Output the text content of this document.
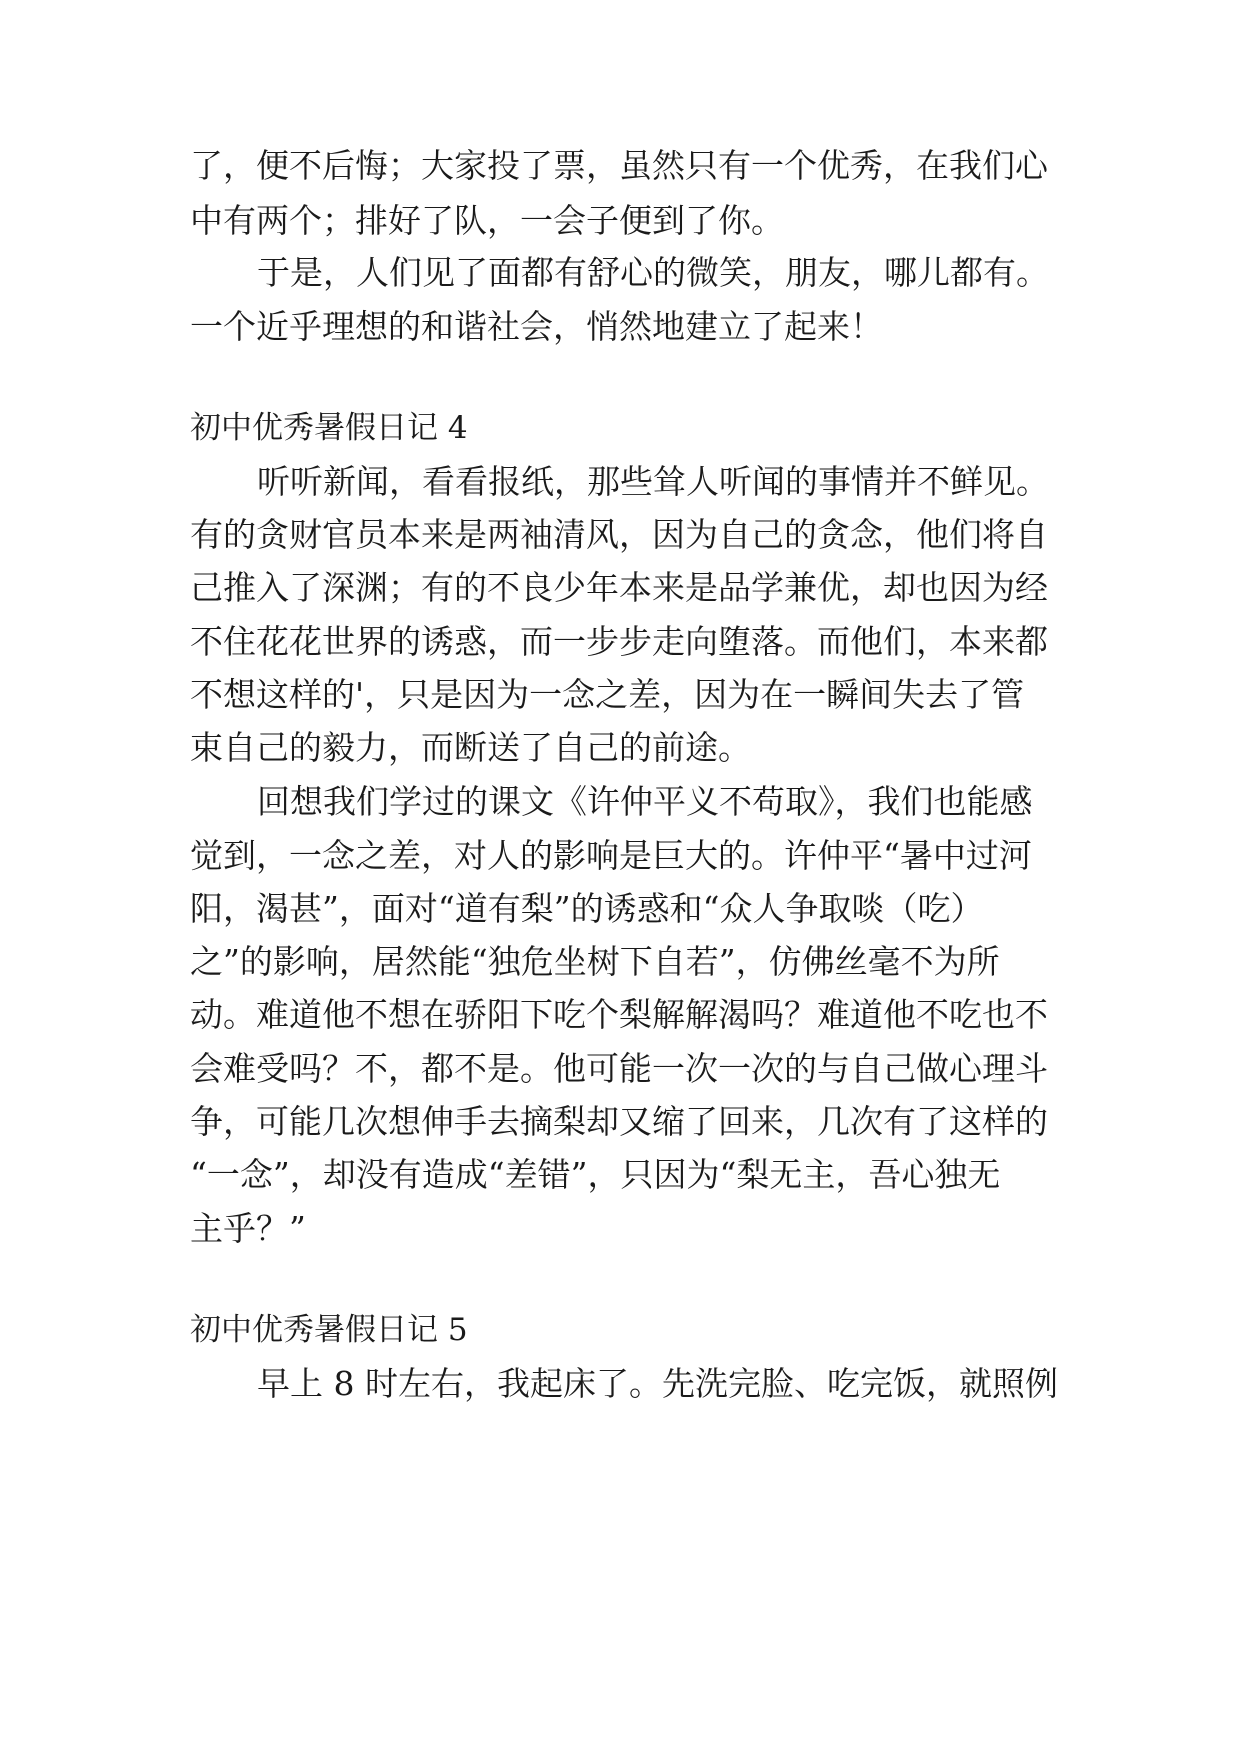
了，便不后悔；大家投了票，虽然只有一个优秀，在我们心
中有两个；排好了队，一会子便到了你。
于是，人们见了面都有舒心的微笑，朋友，哪儿都有。
一个近乎理想的和谐社会，悄然地建立了起来！
初中优秀暑假日记 4
听听新闻，看看报纸，那些耸人听闻的事情并不鲜见。
有的贪财官员本来是两袖清风，因为自己的贪念，他们将自
己推入了深渊；有的不良少年本来是品学兼优，却也因为经
不住花花世界的诱惑，而一步步走向堕落。而他们，本来都
不想这样的'，只是因为一念之差，因为在一瞬间失去了管
束自己的毅力，而断送了自己的前途。
回想我们学过的课文《许仲平义不苟取》，我们也能感
觉到，一念之差，对人的影响是巨大的。许仲平“暑中过河
阳，渴甚”，面对“道有梨”的诱惑和“众人争取啖（吃）
之”的影响，居然能“独危坐树下自若”，仿佛丝毫不为所
动。难道他不想在骄阳下吃个梨解解渴吗？难道他不吃也不
会难受吗？不，都不是。他可能一次一次的与自己做心理斗
争，可能几次想伸手去摘梨却又缩了回来，几次有了这样的
“一念”，却没有造成“差错”，只因为“梨无主，吾心独无
主乎？”
初中优秀暑假日记 5
早上 8 时左右，我起床了。先洗完脸、吃完饭，就照例
